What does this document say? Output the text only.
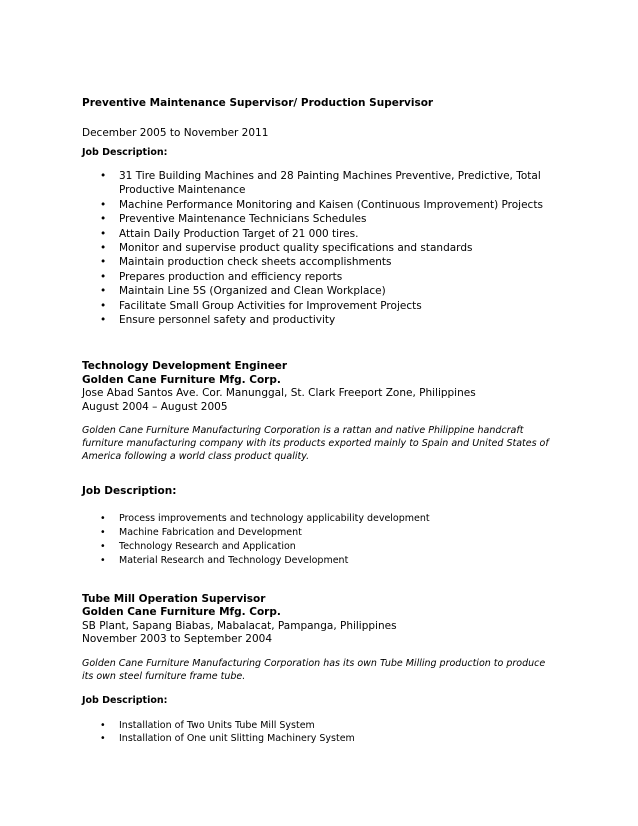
Preventive Maintenance Supervisor/ Production Supervisor

December 2005 to November 2011

Job Description:

• 31 Tire Building Machines and 28 Painting Machines Preventive, Predictive, Total Productive Maintenance
• Machine Performance Monitoring and Kaisen (Continuous Improvement) Projects
• Preventive Maintenance Technicians Schedules
• Attain Daily Production Target of 21 000 tires.
• Monitor and supervise product quality specifications and standards
• Maintain production check sheets accomplishments
• Prepares production and efficiency reports
• Maintain Line 5S (Organized and Clean Workplace)
• Facilitate Small Group Activities for Improvement Projects
• Ensure personnel safety and productivity

Technology Development Engineer

Golden Cane Furniture Mfg. Corp.

Jose Abad Santos Ave. Cor. Manunggal, St. Clark Freeport Zone, Philippines

August 2004 – August 2005

Golden Cane Furniture Manufacturing Corporation is a rattan and native Philippine handcraft furniture manufacturing company with its products exported mainly to Spain and United States of America following a world class product quality.

Job Description:

• Process improvements and technology applicability development
• Machine Fabrication and Development
• Technology Research and Application
• Material Research and Technology Development

Tube Mill Operation Supervisor

Golden Cane Furniture Mfg. Corp.

SB Plant, Sapang Biabas, Mabalacat, Pampanga, Philippines

November 2003 to September 2004

Golden Cane Furniture Manufacturing Corporation has its own Tube Milling production to produce its own steel furniture frame tube.

Job Description:

• Installation of Two Units Tube Mill System
• Installation of One unit Slitting Machinery System
